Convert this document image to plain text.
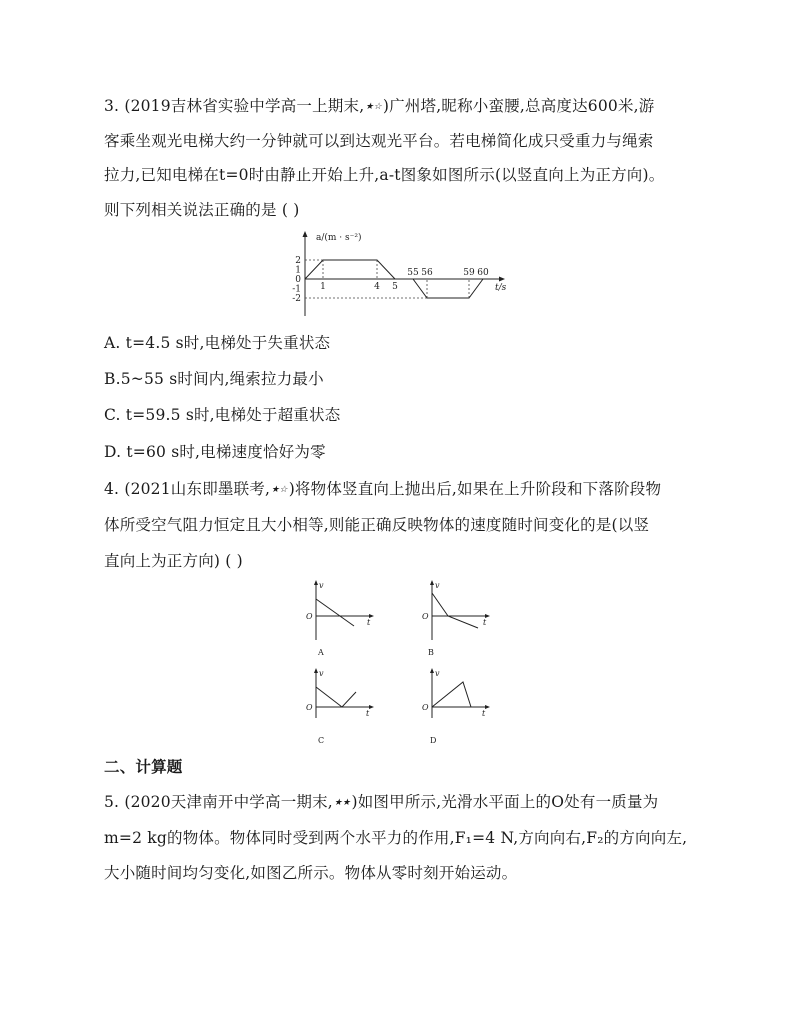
3. (2019吉林省实验中学高一上期末,★☆)广州塔,昵称小蛮腰,总高度达600米,游
客乘坐观光电梯大约一分钟就可以到达观光平台。若电梯简化成只受重力与绳索
拉力,已知电梯在t=0时由静止开始上升,a-t图象如图所示(以竖直向上为正方向)。
则下列相关说法正确的是 ( )
2
1
0
-1
-2
1	4 5
55 56	59 60
a/(m · s⁻²)
t/s
A. t=4.5 s时,电梯处于失重状态
B.5~55 s时间内,绳索拉力最小
C. t=59.5 s时,电梯处于超重状态
D. t=60 s时,电梯速度恰好为零
4. (2021山东即墨联考,★☆)将物体竖直向上抛出后,如果在上升阶段和下落阶段物
体所受空气阻力恒定且大小相等,则能正确反映物体的速度随时间变化的是(以竖
直向上为正方向) ( )
v
t
O
A
v
t
O
B
v
t
O
C
v
t
O
D
二、计算题
5. (2020天津南开中学高一期末,★★)如图甲所示,光滑水平面上的O处有一质量为
m=2 kg的物体。物体同时受到两个水平力的作用,F₁=4 N,方向向右,F₂的方向向左,
大小随时间均匀变化,如图乙所示。物体从零时刻开始运动。
